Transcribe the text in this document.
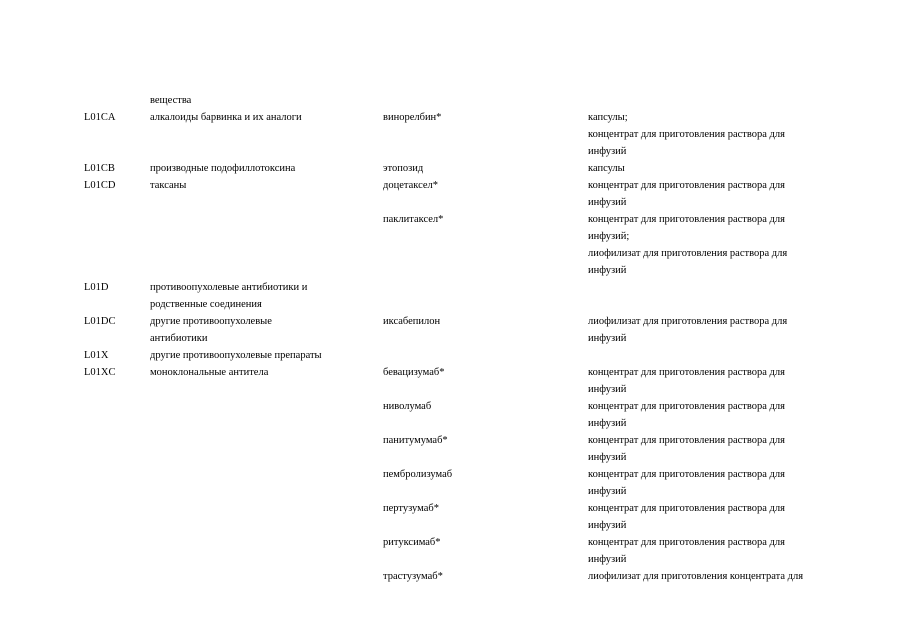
вещества
L01CA	алкалоиды барвинка и их аналоги	винорелбин*	капсулы;
концентрат для приготовления раствора для
инфузий
L01CB	производные подофиллотоксина	этопозид	капсулы
L01CD	таксаны	доцетаксел*	концентрат для приготовления раствора для
инфузий
паклитаксел*	концентрат для приготовления раствора для
инфузий;
лиофилизат для приготовления раствора для
инфузий
L01D	противоопухолевые антибиотики и
родственные соединения
L01DC	другие противоопухолевые
антибиотики
иксабепилон	лиофилизат для приготовления раствора для
инфузий
L01X	другие противоопухолевые препараты
L01XC	моноклональные антитела	бевацизумаб*	концентрат для приготовления раствора для
инфузий
ниволумаб	концентрат для приготовления раствора для
инфузий
панитумумаб*	концентрат для приготовления раствора для
инфузий
пембролизумаб	концентрат для приготовления раствора для
инфузий
пертузумаб*	концентрат для приготовления раствора для
инфузий
ритуксимаб*	концентрат для приготовления раствора для
инфузий
трастузумаб*	лиофилизат для приготовления концентрата для
